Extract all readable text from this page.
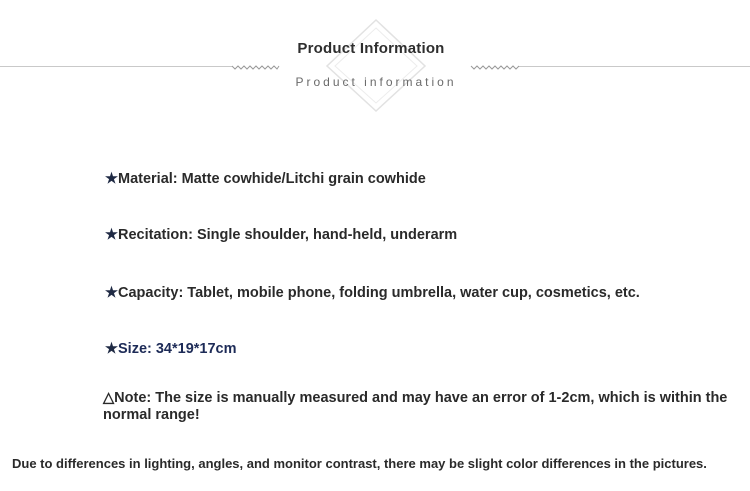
Product Information
Product information
★Material: Matte cowhide/Litchi grain cowhide
★Recitation: Single shoulder, hand-held, underarm
★Capacity: Tablet, mobile phone, folding umbrella, water cup, cosmetics, etc.
★Size: 34*19*17cm
△Note: The size is manually measured and may have an error of 1-2cm, which is within the normal range!
Due to differences in lighting, angles, and monitor contrast, there may be slight color differences in the pictures.
